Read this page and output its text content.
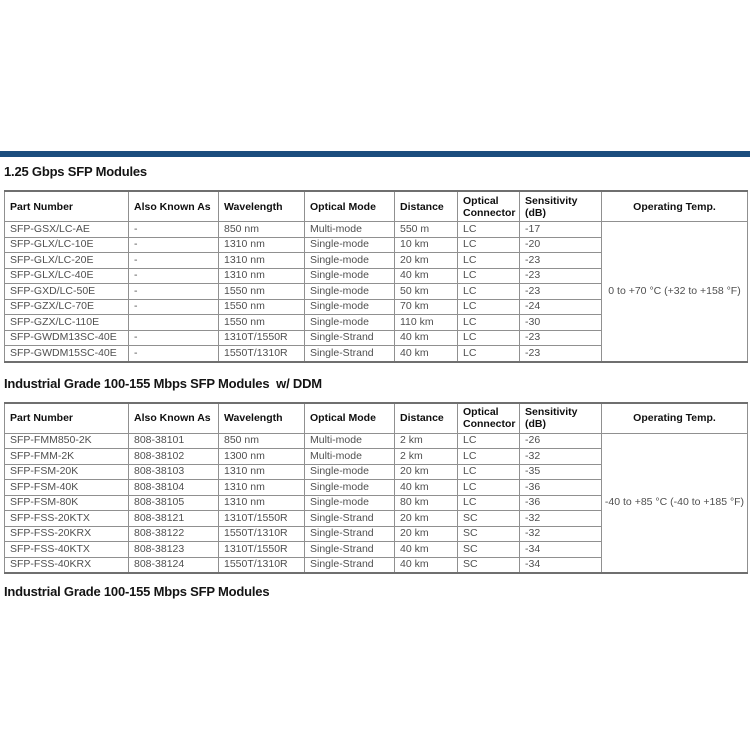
1.25 Gbps SFP Modules
Part Number	Also Known As	Wavelength	Optical Mode	Distance	Optical Connector	Sensitivity (dB)	Operating Temp.
SFP-GSX/LC-AE	-	850 nm	Multi-mode	550 m	LC	-17	0 to +70 °C (+32 to +158 °F)
SFP-GLX/LC-10E	-	1310 nm	Single-mode	10 km	LC	-20	
SFP-GLX/LC-20E	-	1310 nm	Single-mode	20 km	LC	-23	
SFP-GLX/LC-40E	-	1310 nm	Single-mode	40 km	LC	-23	
SFP-GXD/LC-50E	-	1550 nm	Single-mode	50 km	LC	-23	
SFP-GZX/LC-70E	-	1550 nm	Single-mode	70 km	LC	-24	
SFP-GZX/LC-110E		1550 nm	Single-mode	110 km	LC	-30	
SFP-GWDM13SC-40E	-	1310T/1550R	Single-Strand	40 km	LC	-23	
SFP-GWDM15SC-40E	-	1550T/1310R	Single-Strand	40 km	LC	-23	
Industrial Grade 100-155 Mbps SFP Modules  w/ DDM
Part Number	Also Known As	Wavelength	Optical Mode	Distance	Optical Connector	Sensitivity (dB)	Operating Temp.
SFP-FMM850-2K	808-38101	850 nm	Multi-mode	2 km	LC	-26	-40 to +85 °C (-40 to +185 °F)
SFP-FMM-2K	808-38102	1300 nm	Multi-mode	2 km	LC	-32	
SFP-FSM-20K	808-38103	1310 nm	Single-mode	20 km	LC	-35	
SFP-FSM-40K	808-38104	1310 nm	Single-mode	40 km	LC	-36	
SFP-FSM-80K	808-38105	1310 nm	Single-mode	80 km	LC	-36	
SFP-FSS-20KTX	808-38121	1310T/1550R	Single-Strand	20 km	SC	-32	
SFP-FSS-20KRX	808-38122	1550T/1310R	Single-Strand	20 km	SC	-32	
SFP-FSS-40KTX	808-38123	1310T/1550R	Single-Strand	40 km	SC	-34	
SFP-FSS-40KRX	808-38124	1550T/1310R	Single-Strand	40 km	SC	-34	
Industrial Grade 100-155 Mbps SFP Modules
